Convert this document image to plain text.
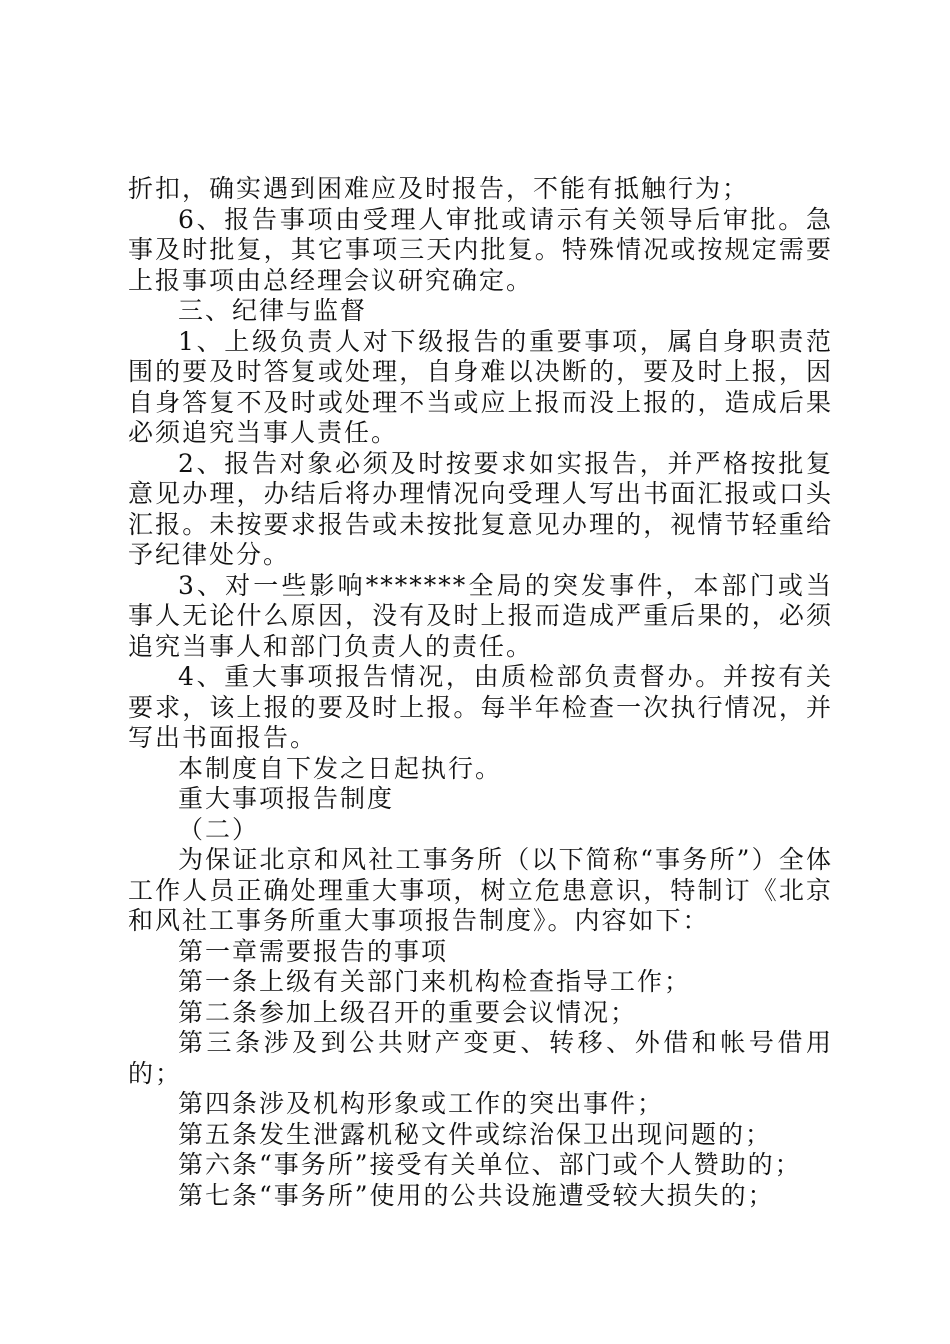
折扣，确实遇到困难应及时报告，不能有抵触行为；

6、报告事项由受理人审批或请示有关领导后审批。急事及时批复，其它事项三天内批复。特殊情况或按规定需要上报事项由总经理会议研究确定。

三、纪律与监督

1、上级负责人对下级报告的重要事项，属自身职责范围的要及时答复或处理，自身难以决断的，要及时上报，因自身答复不及时或处理不当或应上报而没上报的，造成后果必须追究当事人责任。

2、报告对象必须及时按要求如实报告，并严格按批复意见办理，办结后将办理情况向受理人写出书面汇报或口头汇报。未按要求报告或未按批复意见办理的，视情节轻重给予纪律处分。

3、对一些影响*******全局的突发事件，本部门或当事人无论什么原因，没有及时上报而造成严重后果的，必须追究当事人和部门负责人的责任。

4、重大事项报告情况，由质检部负责督办。并按有关要求，该上报的要及时上报。每半年检查一次执行情况，并写出书面报告。

本制度自下发之日起执行。

重大事项报告制度

（二）

为保证北京和风社工事务所（以下简称“事务所”）全体工作人员正确处理重大事项，树立危患意识，特制订《北京和风社工事务所重大事项报告制度》。内容如下：

第一章需要报告的事项

第一条上级有关部门来机构检查指导工作；

第二条参加上级召开的重要会议情况；

第三条涉及到公共财产变更、转移、外借和帐号借用的；

第四条涉及机构形象或工作的突出事件；

第五条发生泄露机秘文件或综治保卫出现问题的；

第六条“事务所”接受有关单位、部门或个人赞助的；

第七条“事务所”使用的公共设施遭受较大损失的；
